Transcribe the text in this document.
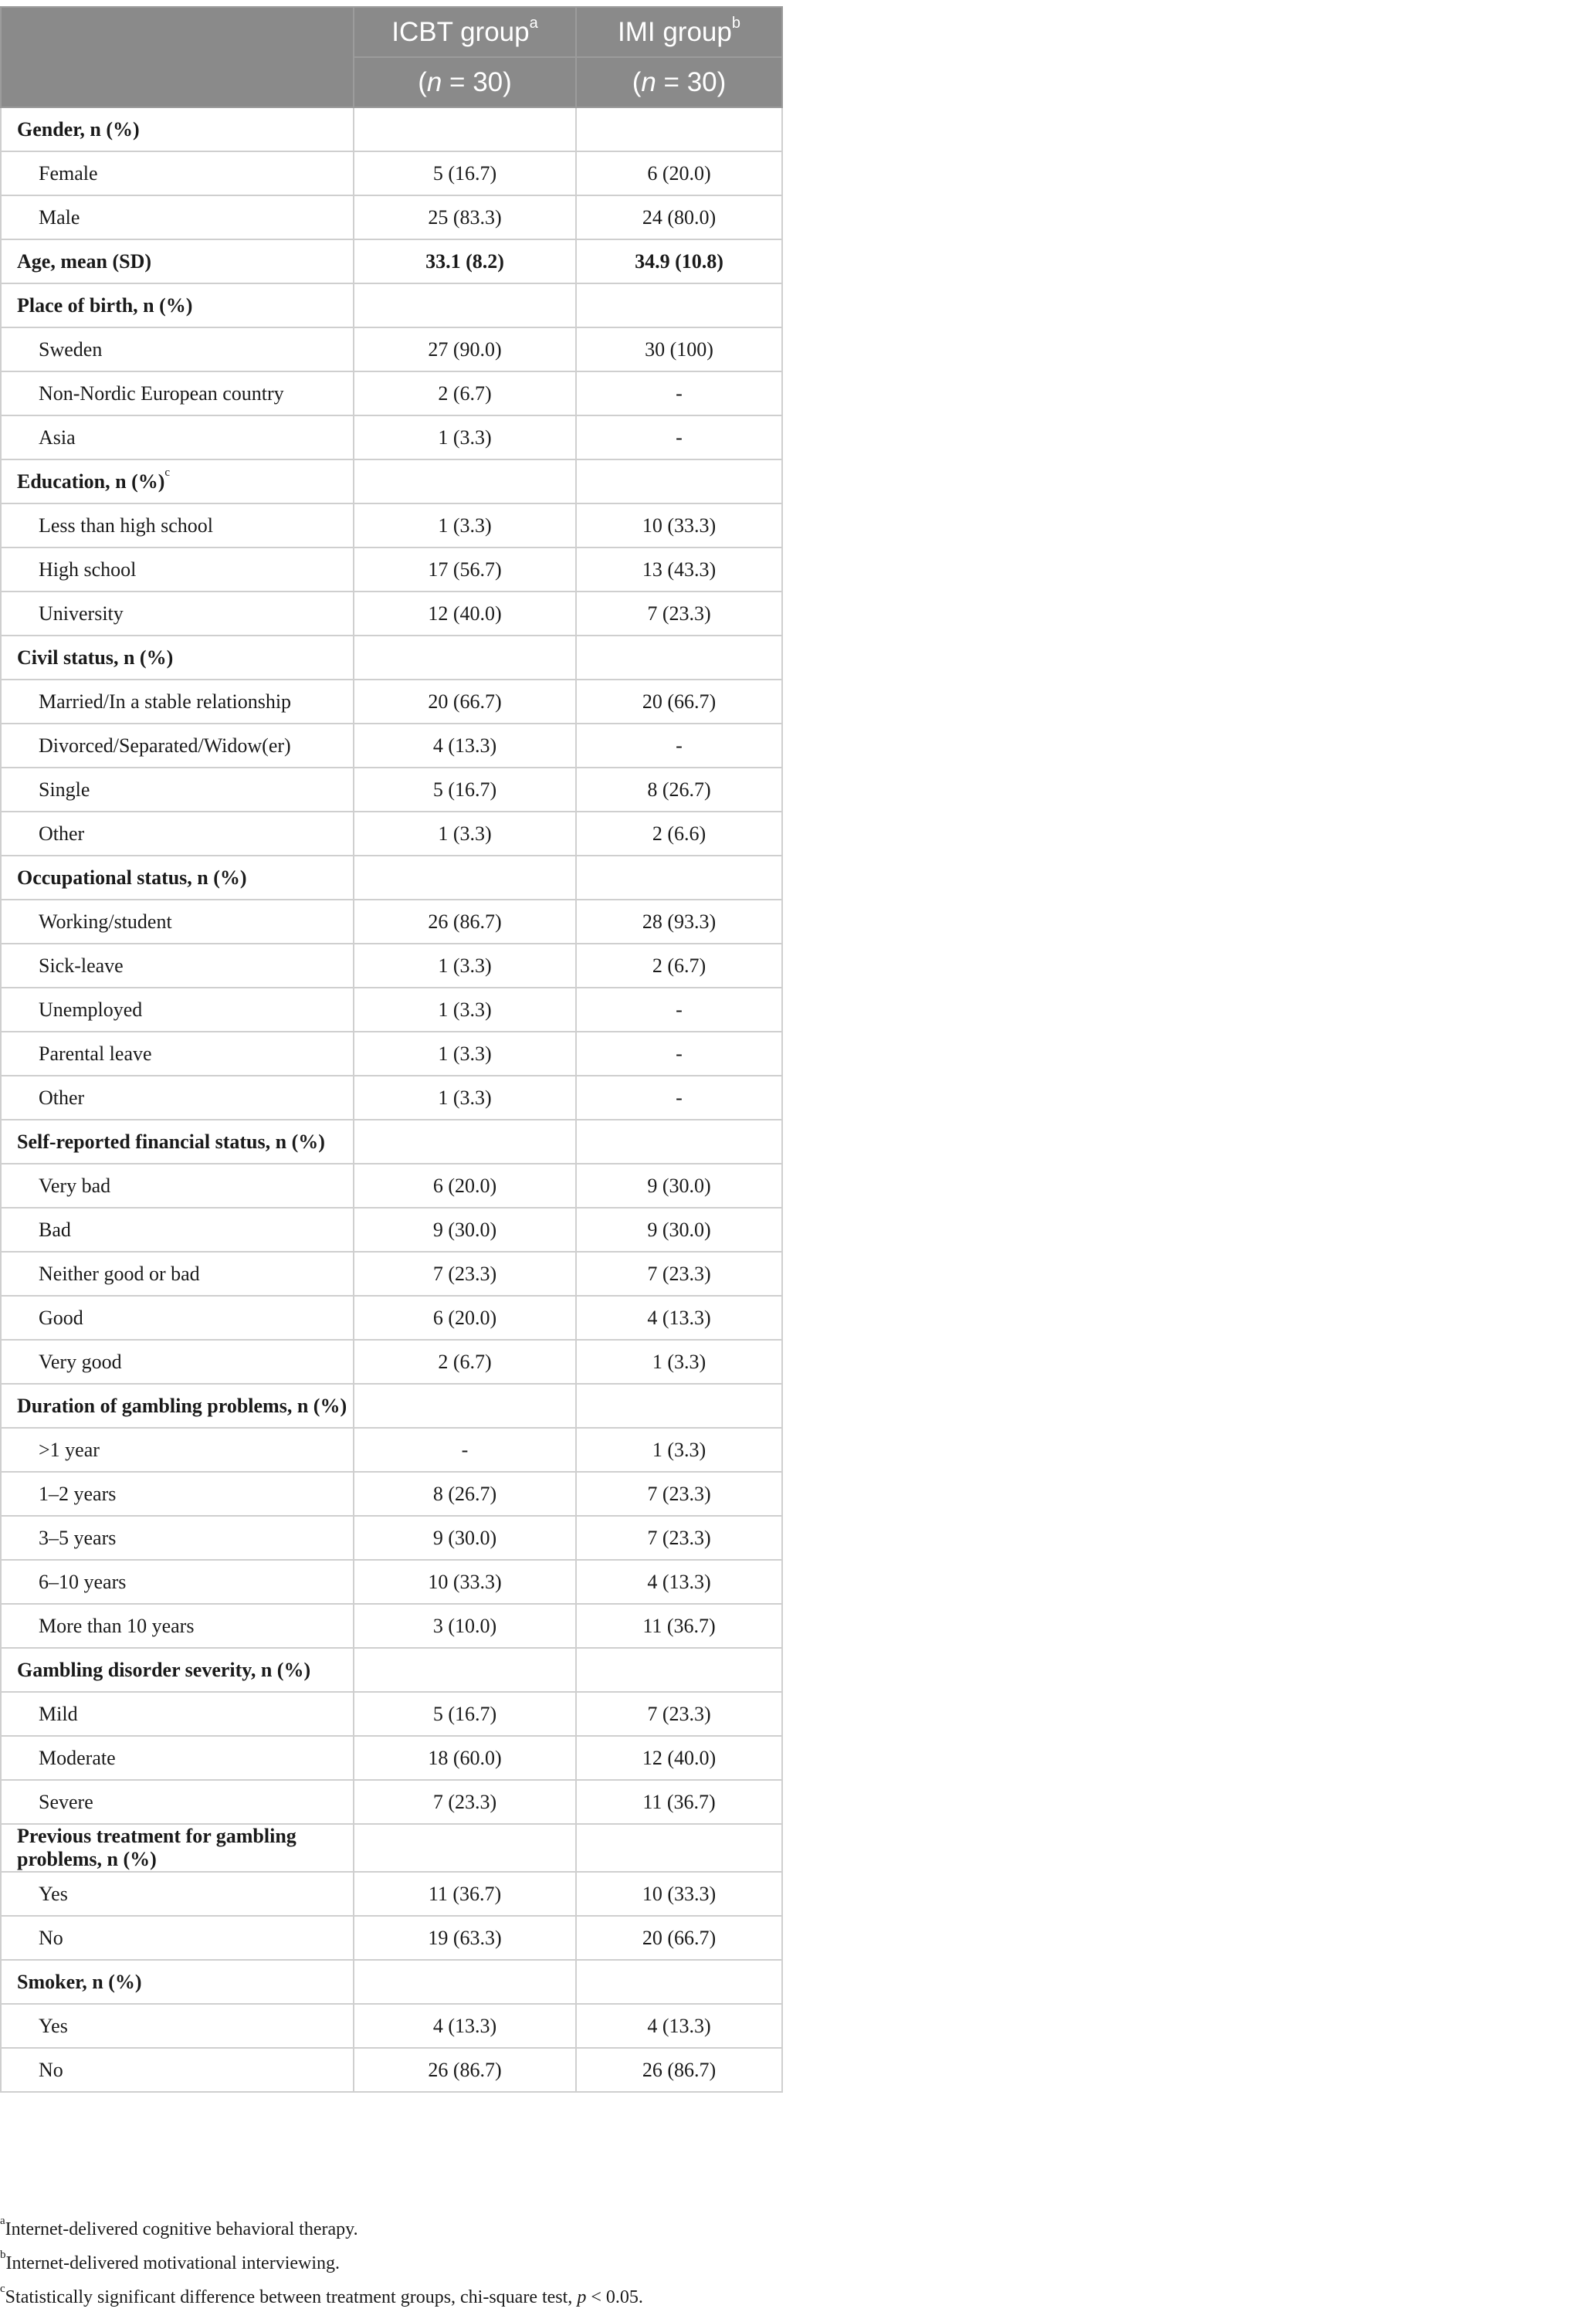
	ICBT group$^a$	IMI group$^b$
	(n = 30)	(n = 30)
Gender, n (%)		
Female	5 (16.7)	6 (20.0)
Male	25 (83.3)	24 (80.0)
Age, mean (SD)	33.1 (8.2)	34.9 (10.8)
Place of birth, n (%)		
Sweden	27 (90.0)	30 (100)
Non-Nordic European country	2 (6.7)	-
Asia	1 (3.3)	-
Education, n (%)$^c$		
Less than high school	1 (3.3)	10 (33.3)
High school	17 (56.7)	13 (43.3)
University	12 (40.0)	7 (23.3)
Civil status, n (%)		
Married/In a stable relationship	20 (66.7)	20 (66.7)
Divorced/Separated/Widow(er)	4 (13.3)	-
Single	5 (16.7)	8 (26.7)
Other	1 (3.3)	2 (6.6)
Occupational status, n (%)		
Working/student	26 (86.7)	28 (93.3)
Sick-leave	1 (3.3)	2 (6.7)
Unemployed	1 (3.3)	-
Parental leave	1 (3.3)	-
Other	1 (3.3)	-
Self-reported financial status, n (%)		
Very bad	6 (20.0)	9 (30.0)
Bad	9 (30.0)	9 (30.0)
Neither good or bad	7 (23.3)	7 (23.3)
Good	6 (20.0)	4 (13.3)
Very good	2 (6.7)	1 (3.3)
Duration of gambling problems, n (%)		
>1 year	-	1 (3.3)
1–2 years	8 (26.7)	7 (23.3)
3–5 years	9 (30.0)	7 (23.3)
6–10 years	10 (33.3)	4 (13.3)
More than 10 years	3 (10.0)	11 (36.7)
Gambling disorder severity, n (%)		
Mild	5 (16.7)	7 (23.3)
Moderate	18 (60.0)	12 (40.0)
Severe	7 (23.3)	11 (36.7)
Previous treatment for gambling problems, n (%)		
Yes	11 (36.7)	10 (33.3)
No	19 (63.3)	20 (66.7)
Smoker, n (%)		
Yes	4 (13.3)	4 (13.3)
No	26 (86.7)	26 (86.7)
$^a$Internet-delivered cognitive behavioral therapy.
$^b$Internet-delivered motivational interviewing.
$^c$Statistically significant difference between treatment groups, chi-square test, p < 0.05.
